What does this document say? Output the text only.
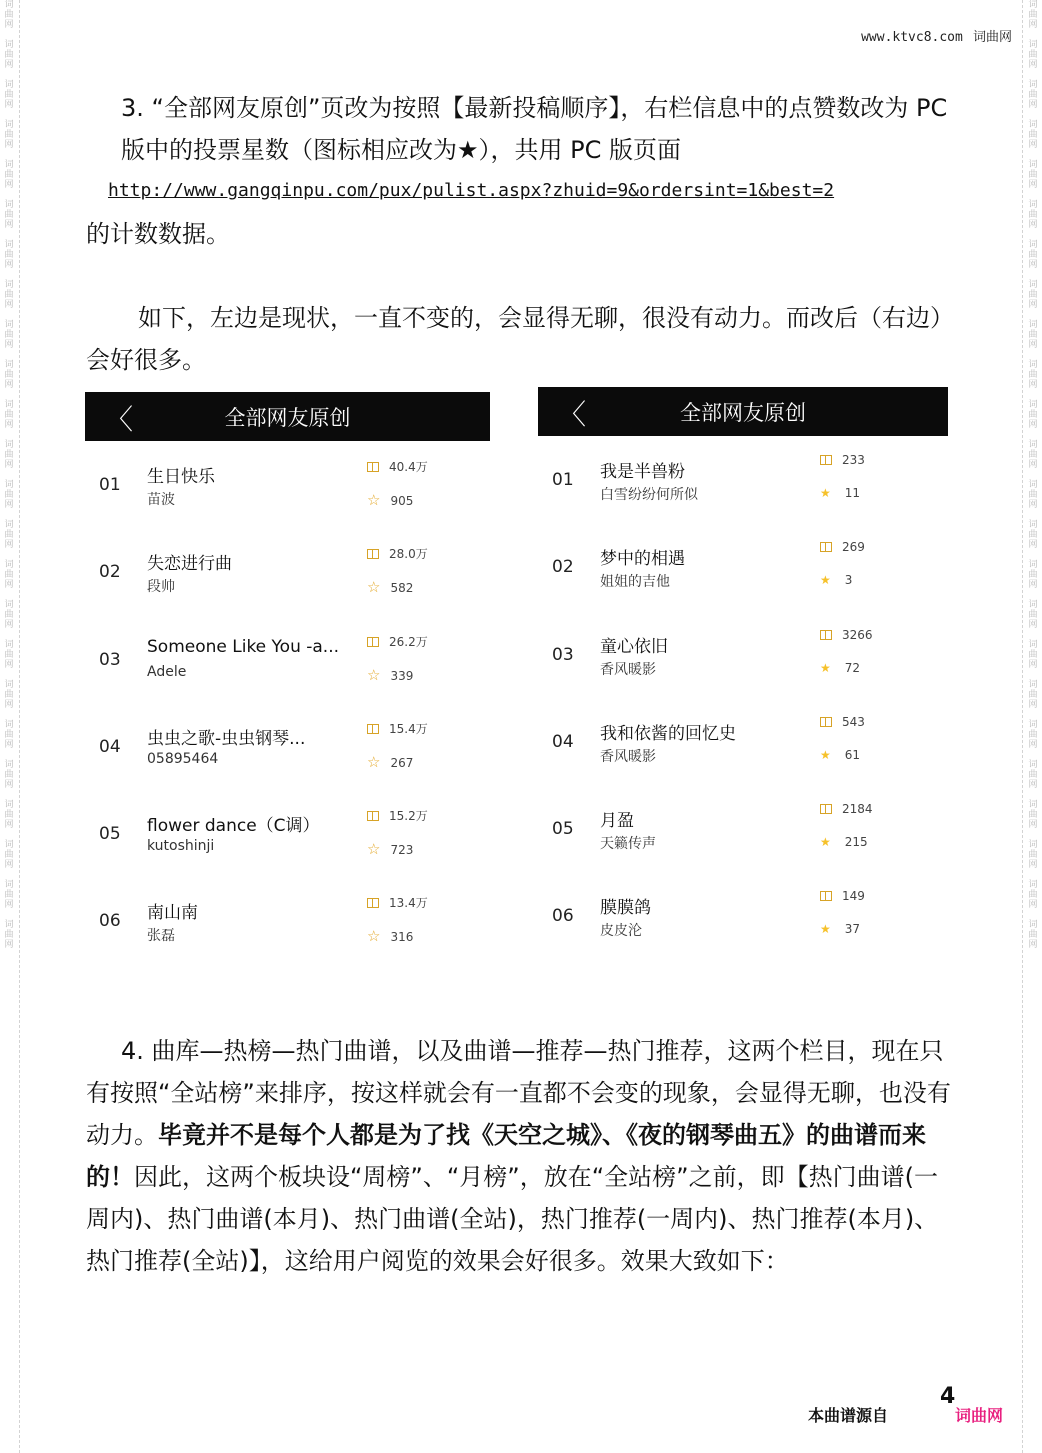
词
曲
网

词
曲
网

词
曲
网

词
曲
网

词
曲
网

词
曲
网

词
曲
网

词
曲
网

词
曲
网

词
曲
网

词
曲
网

词
曲
网

词
曲
网

词
曲
网

词
曲
网

词
曲
网

词
曲
网

词
曲
网

词
曲
网

词
曲
网

词
曲
网

词
曲
网

词
曲
网

词
曲
网

词
曲
网

词
曲
网

词
曲
网

词
曲
网

词
曲
网

词
曲
网

词
曲
网

词
曲
网

词
曲
网

词
曲
网

词
曲
网

词
曲
网

词
曲
网

词
曲
网

词
曲
网

词
曲
网

词
曲
网

词
曲
网

词
曲
网

词
曲
网

词
曲
网

词
曲
网

词
曲
网

词
曲
网

www.ktvc8.com 词曲网
3. “全部网友原创”页改为按照【最新投稿顺序】，右栏信息中的点赞数改为 PC 版中的投票星数（图标相应改为★），共用 PC 版页面
http://www.gangqinpu.com/pux/pulist.aspx?zhuid=9&ordersint=1&best=2
的计数数据。
如下，左边是现状，一直不变的，会显得无聊，很没有动力。而改后（右边）会好很多。
〈	全部网友原创
01 生日快乐
苗波
40.4万
☆ 905
02 失恋进行曲
段帅
28.0万
☆ 582
03
Someone Like You -a...
Adele
26.2万
☆ 339
04 虫虫之歌-虫虫钢琴...
05895464
15.4万
☆ 267
05 flower dance（C调）
kutoshinji
15.2万
☆ 723
06 南山南
张磊
13.4万
☆ 316
〈	全部网友原创
01 我是半兽粉
白雪纷纷何所似
233
★ 11
02 梦中的相遇
姐姐的吉他
269
★ 3
03 童心依旧
香风暖影
3266
★ 72
04 我和依酱的回忆史
香风暖影
543
★ 61
05 月盈
天籁传声
2184
★ 215
06 膜膜鸽
皮皮沦
149
★ 37
4. 曲库—热榜—热门曲谱，以及曲谱—推荐—热门推荐，这两个栏目，现在只有按照“全站榜”来排序，按这样就会有一直都不会变的现象，会显得无聊，也没有动力。毕竟并不是每个人都是为了找《天空之城》、《夜的钢琴曲五》的曲谱而来的！因此，这两个板块设“周榜”、“月榜”，放在“全站榜”之前，即【热门曲谱(一周内)、热门曲谱(本月)、热门曲谱(全站)，热门推荐(一周内)、热门推荐(本月)、热门推荐(全站)】，这给用户阅览的效果会好很多。效果大致如下：
本曲谱源自
4
词曲网
